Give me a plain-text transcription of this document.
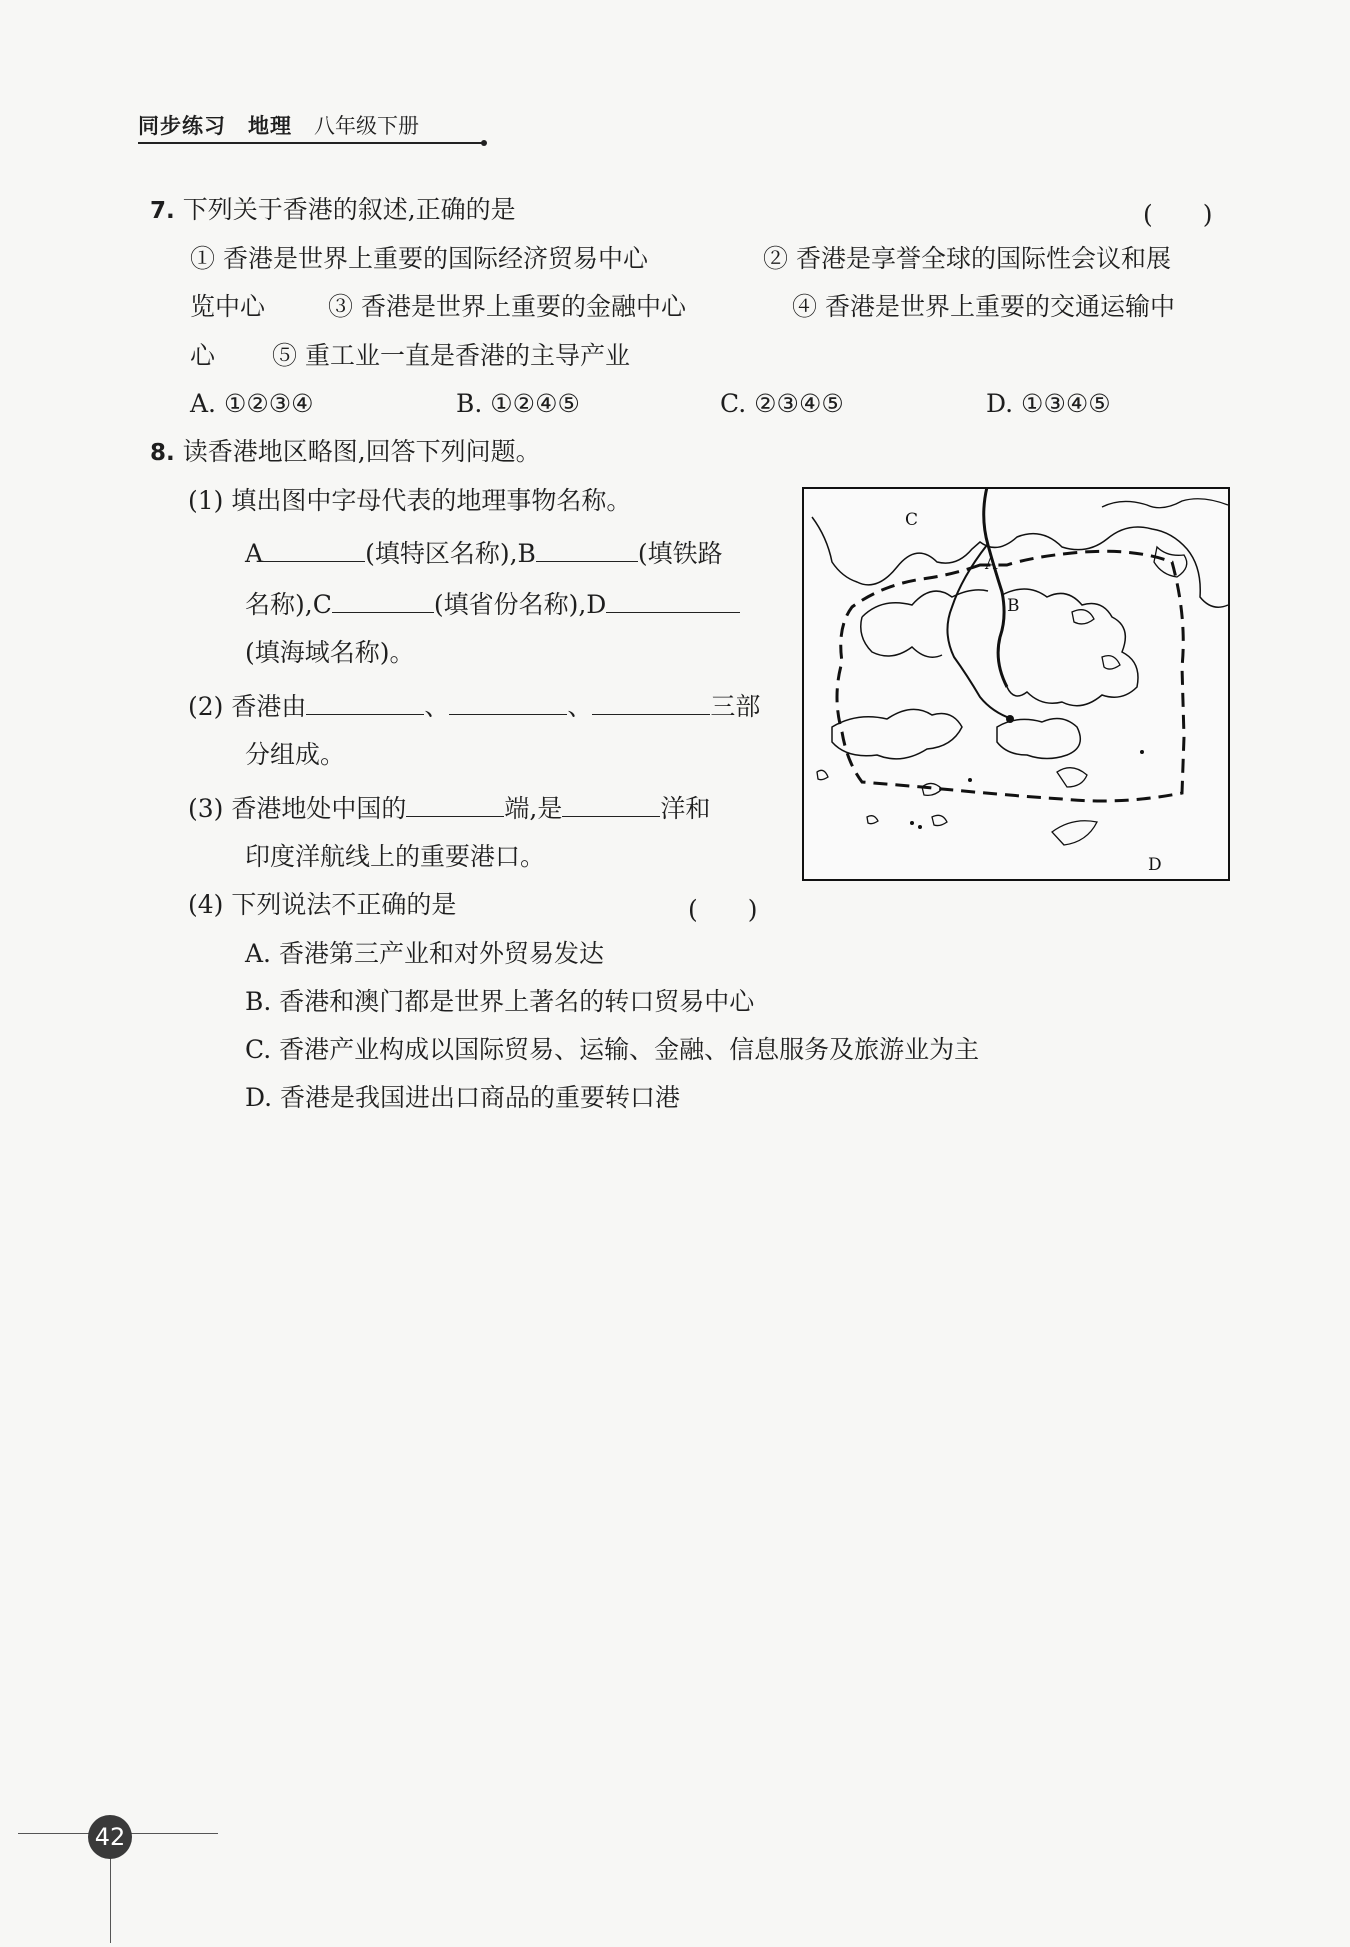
同步练习 地理 八年级下册
7. 下列关于香港的叙述,正确的是	(　　)
① 香港是世界上重要的国际经济贸易中心	② 香港是享誉全球的国际性会议和展
览中心	③ 香港是世界上重要的金融中心	④ 香港是世界上重要的交通运输中
心 ⑤ 重工业一直是香港的主导产业
A. ①②③④	B. ①②④⑤	C. ②③④⑤	D. ①③④⑤
8. 读香港地区略图,回答下列问题。
(1) 填出图中字母代表的地理事物名称。
A	(填特区名称),B	(填铁路
名称),C	(填省份名称),D
(填海域名称)。
(2) 香港由	、	、	三部
分组成。
(3) 香港地处中国的	端,是	洋和
印度洋航线上的重要港口。
(4) 下列说法不正确的是	(　　)
A. 香港第三产业和对外贸易发达
B. 香港和澳门都是世界上著名的转口贸易中心
C. 香港产业构成以国际贸易、运输、金融、信息服务及旅游业为主
D. 香港是我国进出口商品的重要转口港
C
A
B
D
42
